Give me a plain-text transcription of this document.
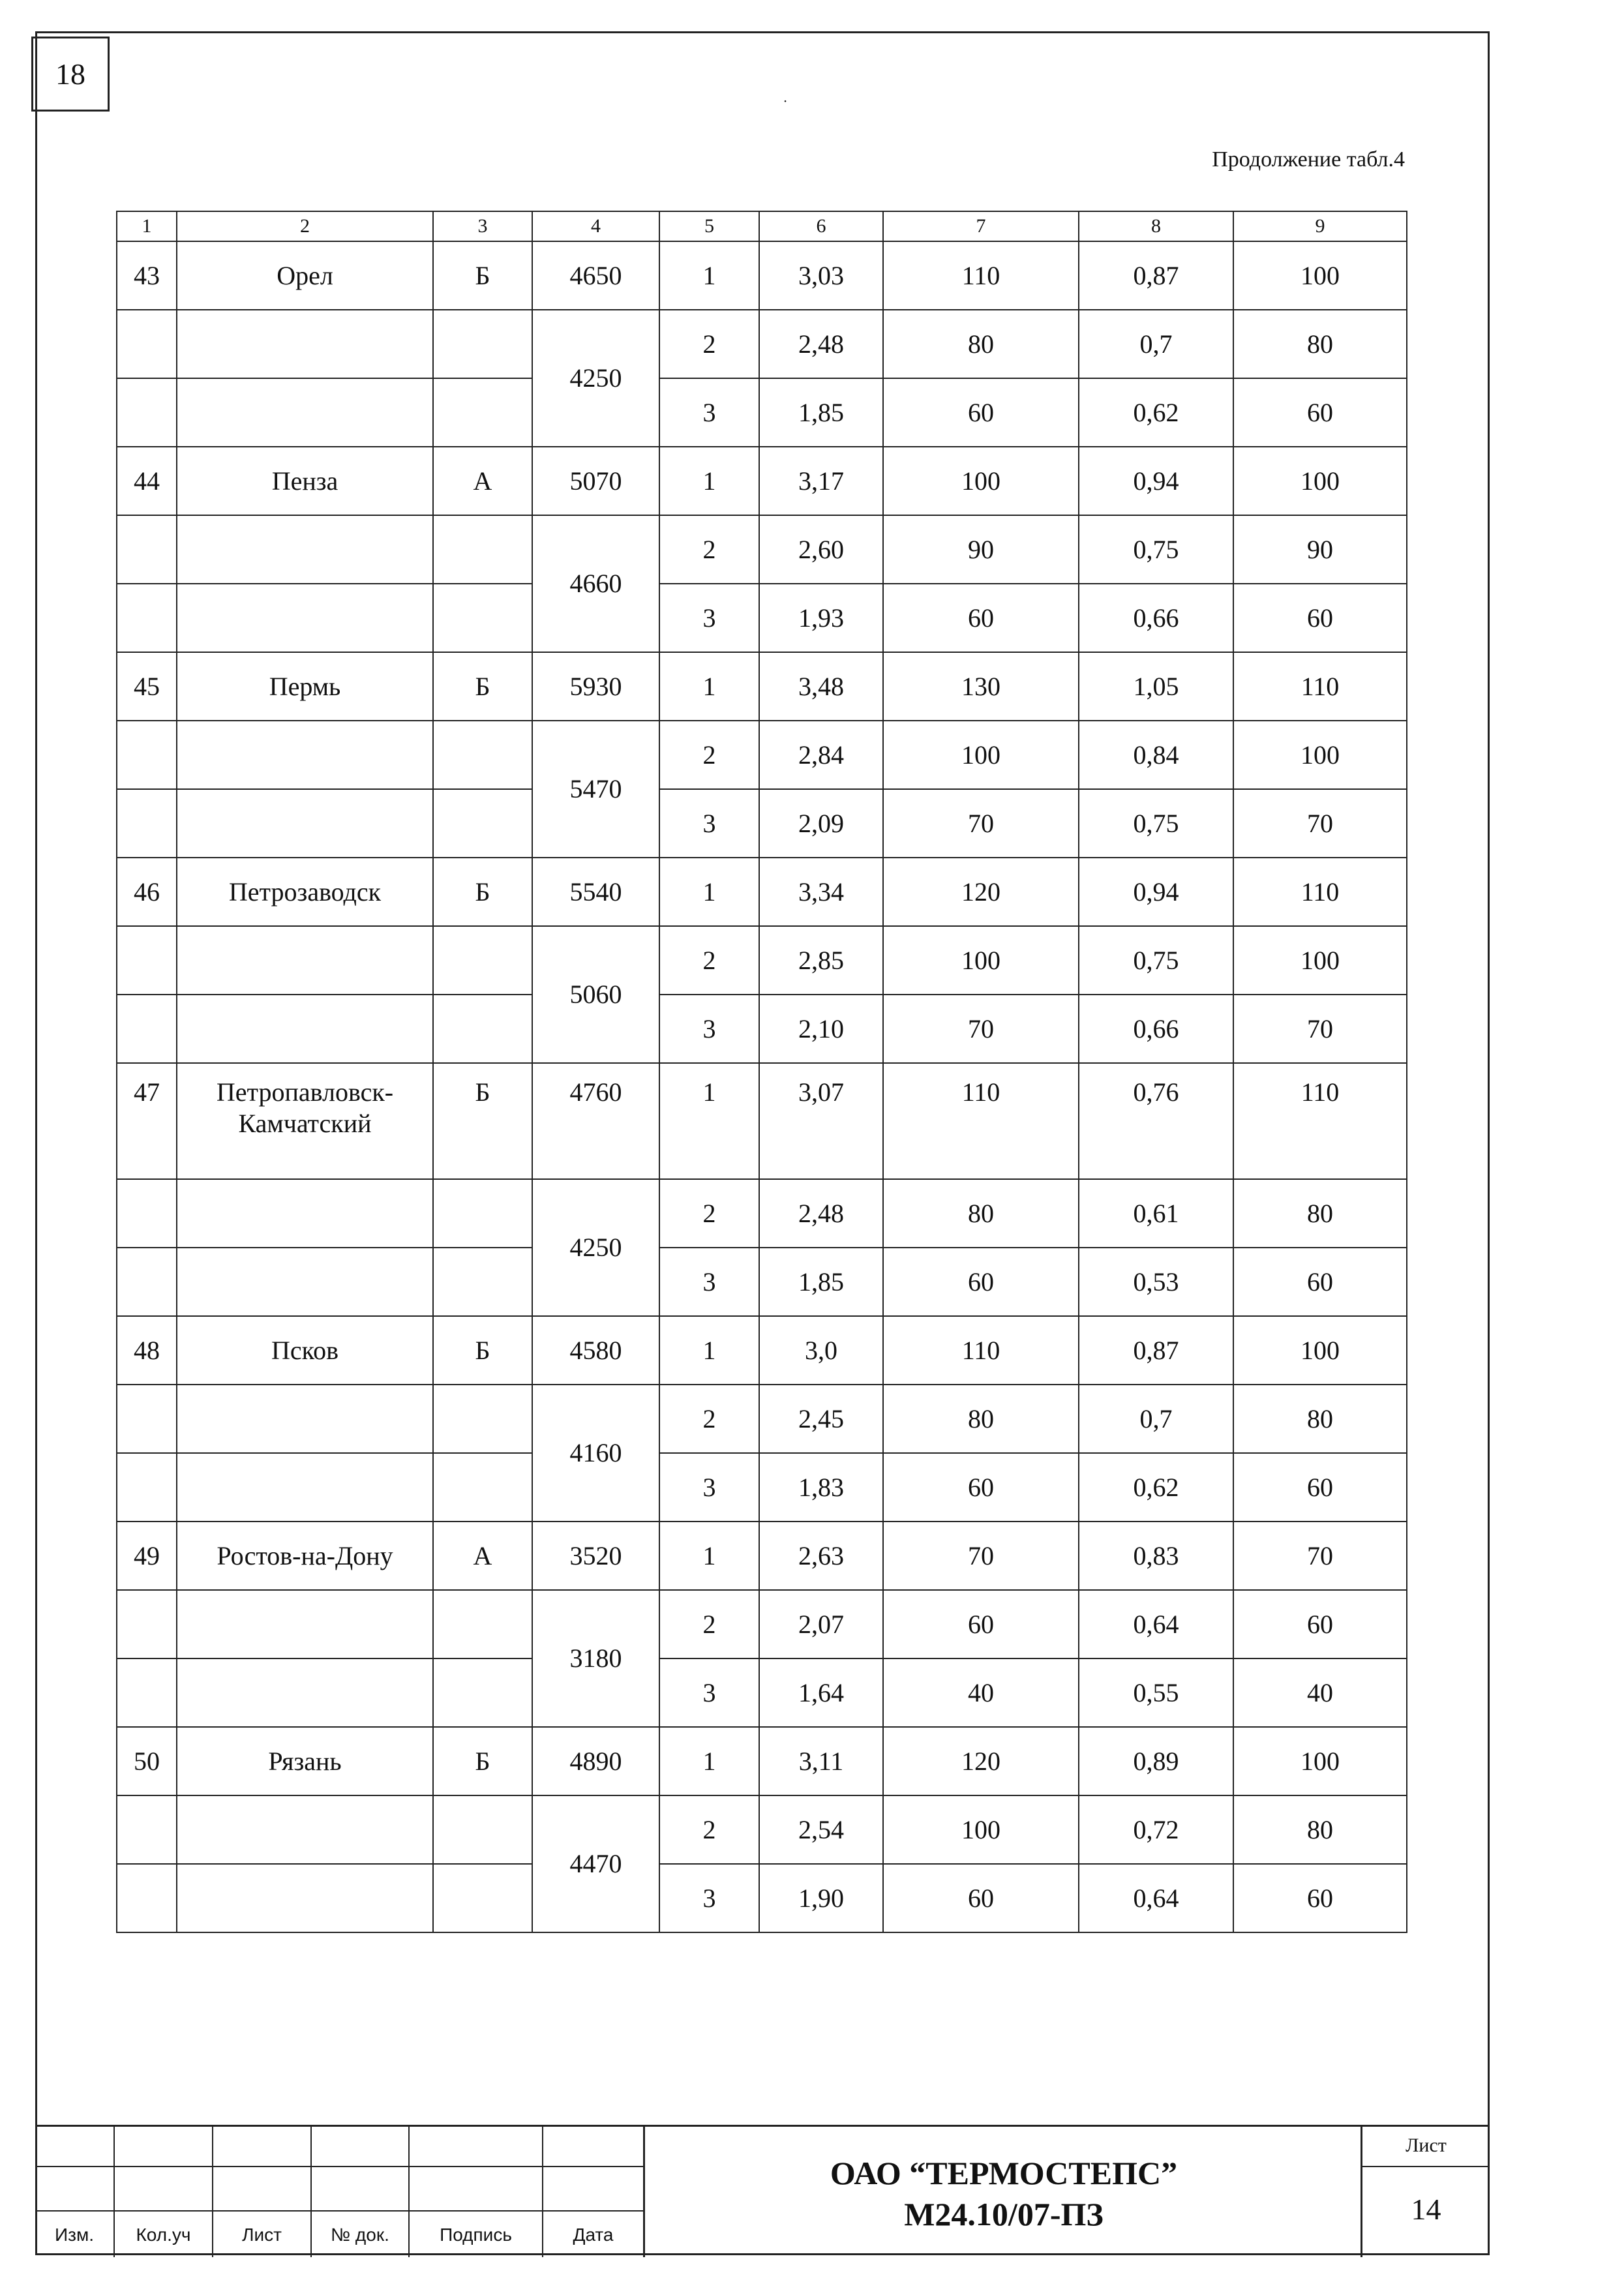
18
˙
Продолжение табл.4
1	2	3	4	5	6	7	8	9
43	Орел	Б	4650	1	3,03	110	0,87	100
			4250	2	2,48	80	0,7	80
				3	1,85	60	0,62	60
44	Пенза	А	5070	1	3,17	100	0,94	100
			4660	2	2,60	90	0,75	90
				3	1,93	60	0,66	60
45	Пермь	Б	5930	1	3,48	130	1,05	110
			5470	2	2,84	100	0,84	100
				3	2,09	70	0,75	70
46	Петрозаводск	Б	5540	1	3,34	120	0,94	110
			5060	2	2,85	100	0,75	100
				3	2,10	70	0,66	70
47	Петропавловск-Камчатский	Б	4760	1	3,07	110	0,76	110
			4250	2	2,48	80	0,61	80
				3	1,85	60	0,53	60
48	Псков	Б	4580	1	3,0	110	0,87	100
			4160	2	2,45	80	0,7	80
				3	1,83	60	0,62	60
49	Ростов-на-Дону	А	3520	1	2,63	70	0,83	70
			3180	2	2,07	60	0,64	60
				3	1,64	40	0,55	40
50	Рязань	Б	4890	1	3,11	120	0,89	100
			4470	2	2,54	100	0,72	80
				3	1,90	60	0,64	60
Изм.	Кол.уч	Лист	№ док.	Подпись	Дата
ОАО “ТЕРМОСТЕПС”
М24.10/07-ПЗ
Лист
14
